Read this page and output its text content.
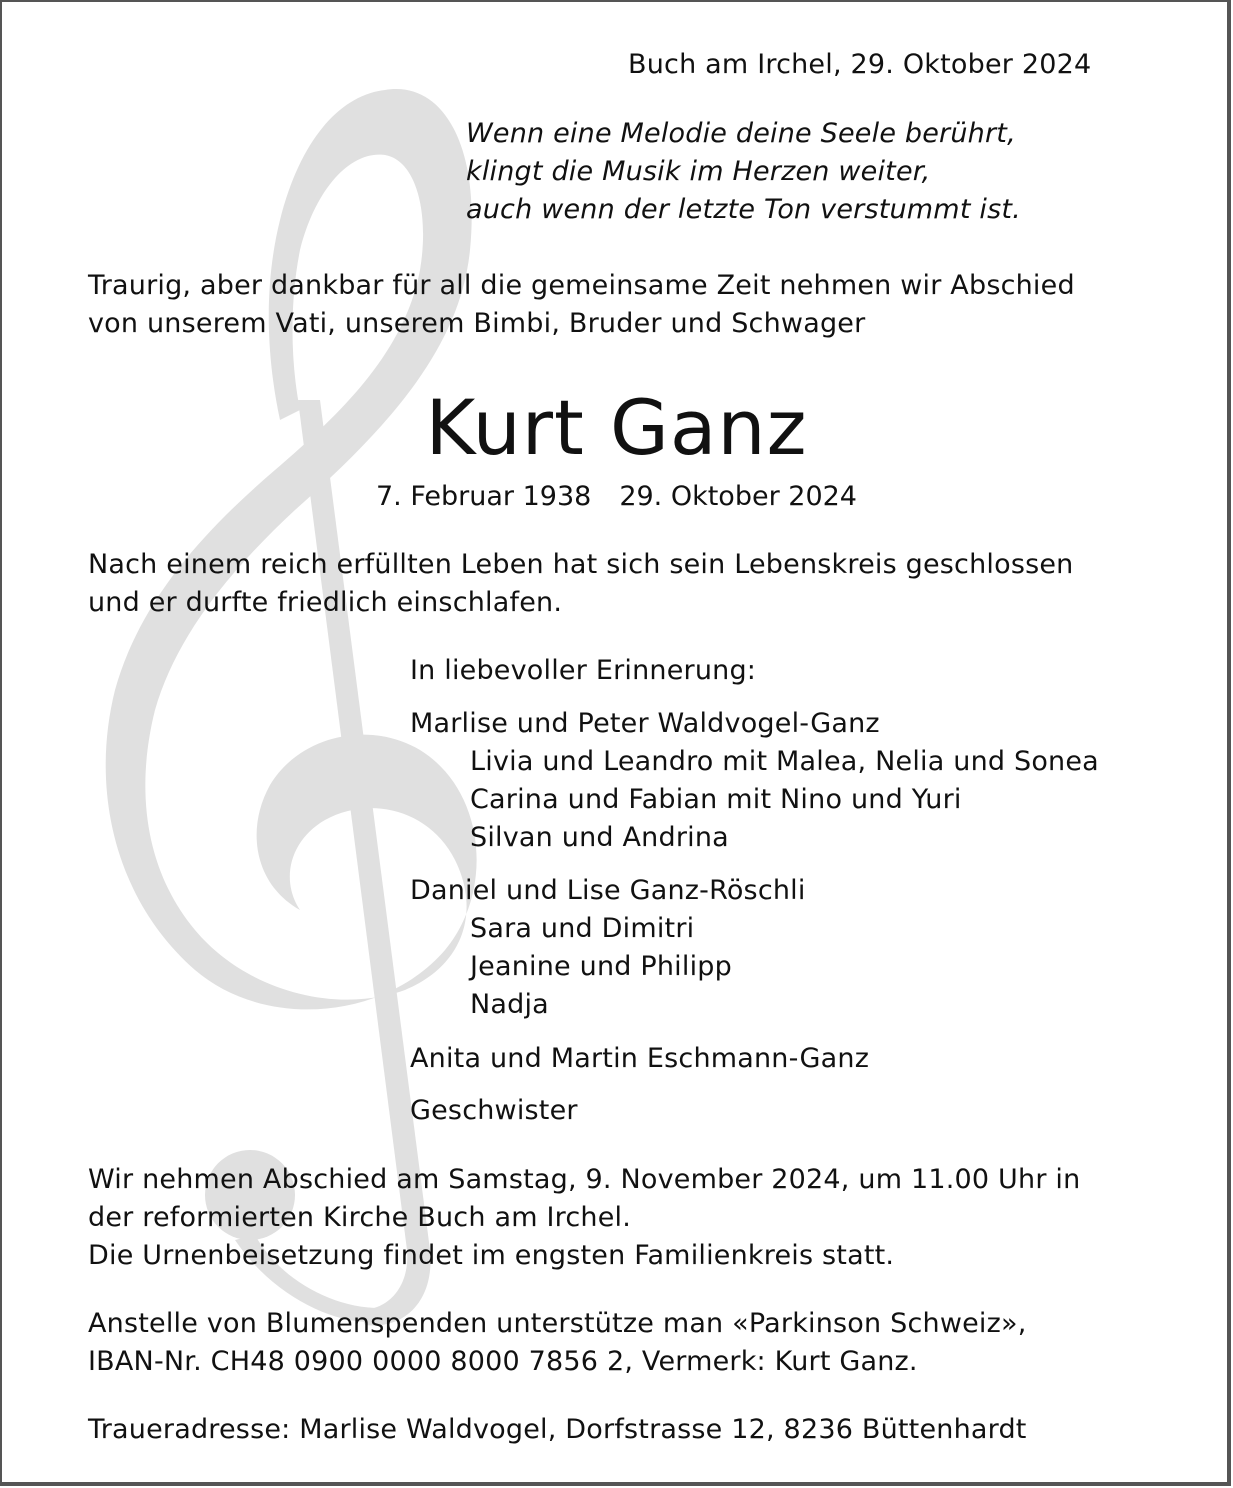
Buch am Irchel, 29. Oktober 2024
Wenn eine Melodie deine Seele berührt,
klingt die Musik im Herzen weiter,
auch wenn der letzte Ton verstummt ist.
Traurig, aber dankbar für all die gemeinsame Zeit nehmen wir Abschied
von unserem Vati, unserem Bimbi, Bruder und Schwager
Kurt Ganz
7. Februar 1938 29. Oktober 2024
Nach einem reich erfüllten Leben hat sich sein Lebenskreis geschlossen
und er durfte friedlich einschlafen.
In liebevoller Erinnerung:
Marlise und Peter Waldvogel-Ganz
Livia und Leandro mit Malea, Nelia und Sonea
Carina und Fabian mit Nino und Yuri
Silvan und Andrina
Daniel und Lise Ganz-Röschli
Sara und Dimitri
Jeanine und Philipp
Nadja
Anita und Martin Eschmann-Ganz
Geschwister
Wir nehmen Abschied am Samstag, 9. November 2024, um 11.00 Uhr in
der reformierten Kirche Buch am Irchel.
Die Urnenbeisetzung findet im engsten Familienkreis statt.
Anstelle von Blumenspenden unterstütze man «Parkinson Schweiz»,
IBAN-Nr. CH48 0900 0000 8000 7856 2, Vermerk: Kurt Ganz.
Traueradresse: Marlise Waldvogel, Dorfstrasse 12, 8236 Büttenhardt
